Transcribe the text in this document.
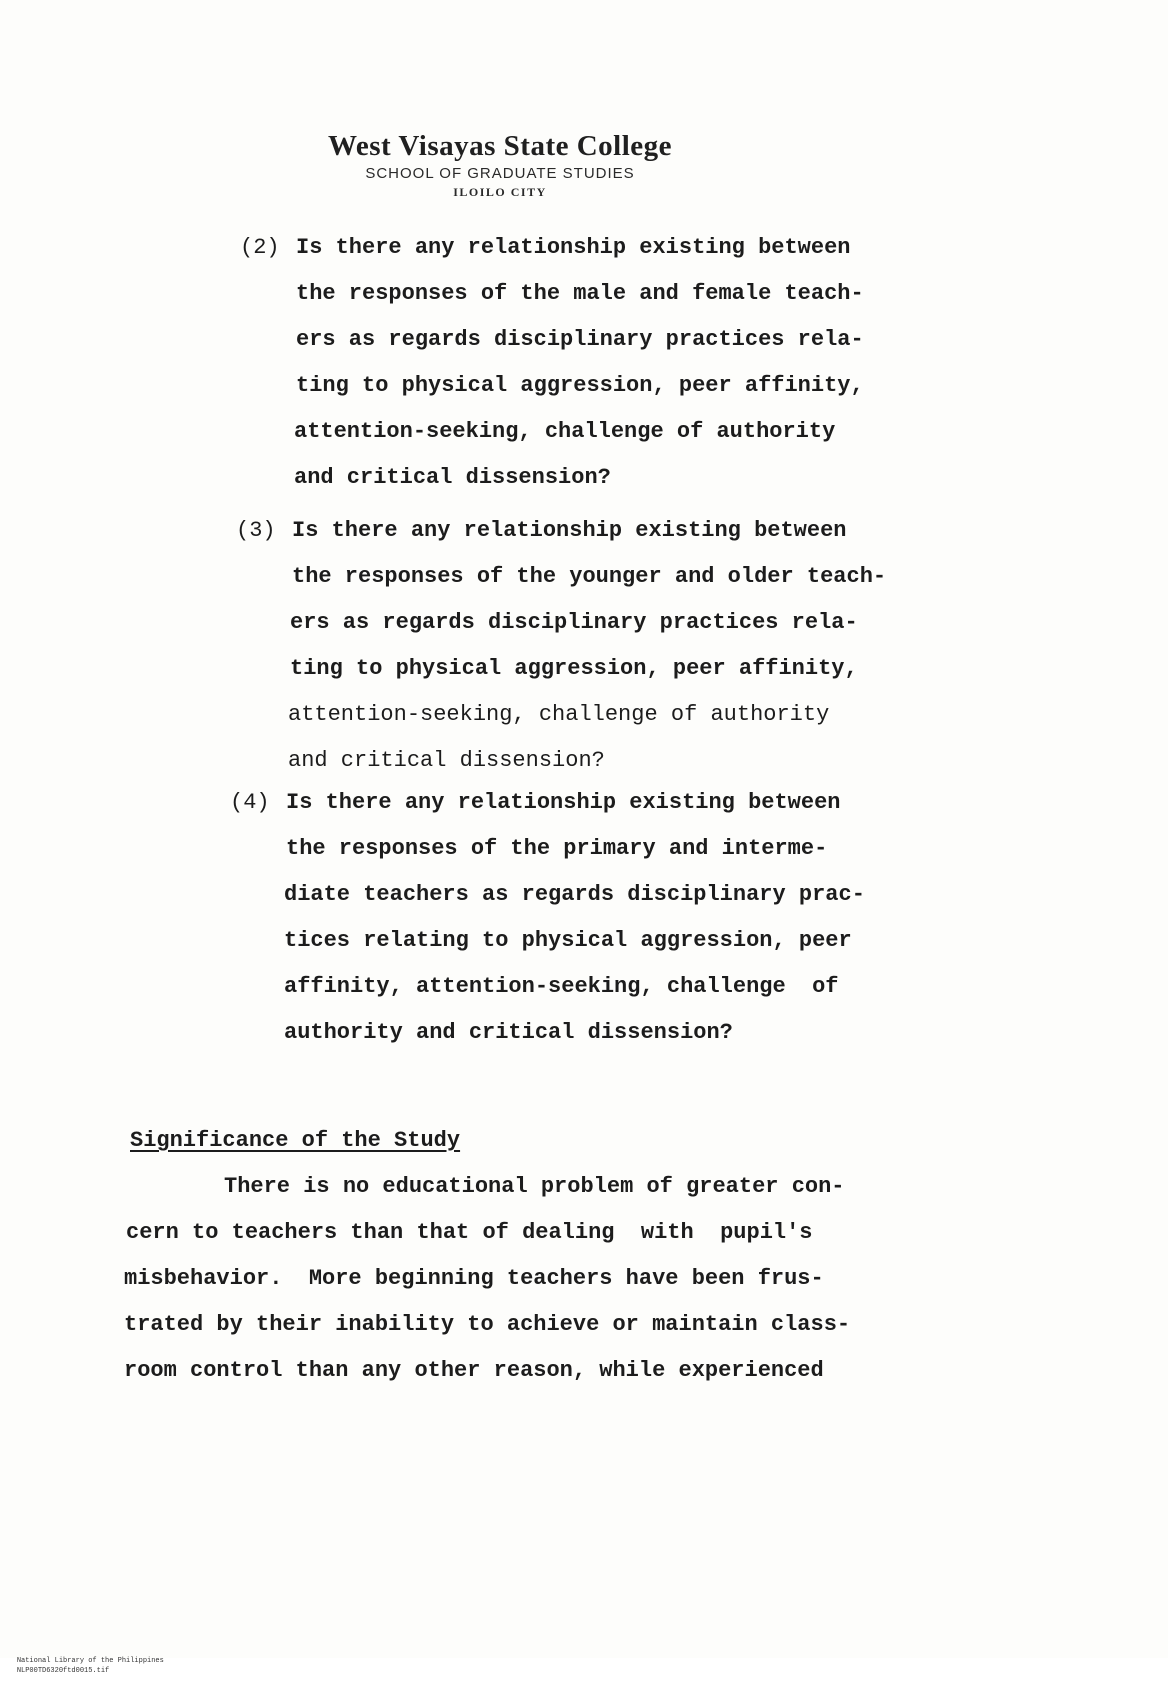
West Visayas State College
SCHOOL OF GRADUATE STUDIES
ILOILO CITY
(2) Is there any relationship existing between
the responses of the male and female teach-
ers as regards disciplinary practices rela-
ting to physical aggression, peer affinity,
attention-seeking, challenge of authority
and critical dissension?
(3) Is there any relationship existing between
the responses of the younger and older teach-
ers as regards disciplinary practices rela-
ting to physical aggression, peer affinity,
attention-seeking, challenge of authority
and critical dissension?
(4) Is there any relationship existing between
the responses of the primary and interme-
diate teachers as regards disciplinary prac-
tices relating to physical aggression, peer
affinity, attention-seeking, challenge  of
authority and critical dissension?
Significance of the Study
There is no educational problem of greater con-
cern to teachers than that of dealing  with  pupil's
misbehavior.  More beginning teachers have been frus-
trated by their inability to achieve or maintain class-
room control than any other reason, while experienced

National Library of the Philippines
NLP00TD6320ftd0015.tif
